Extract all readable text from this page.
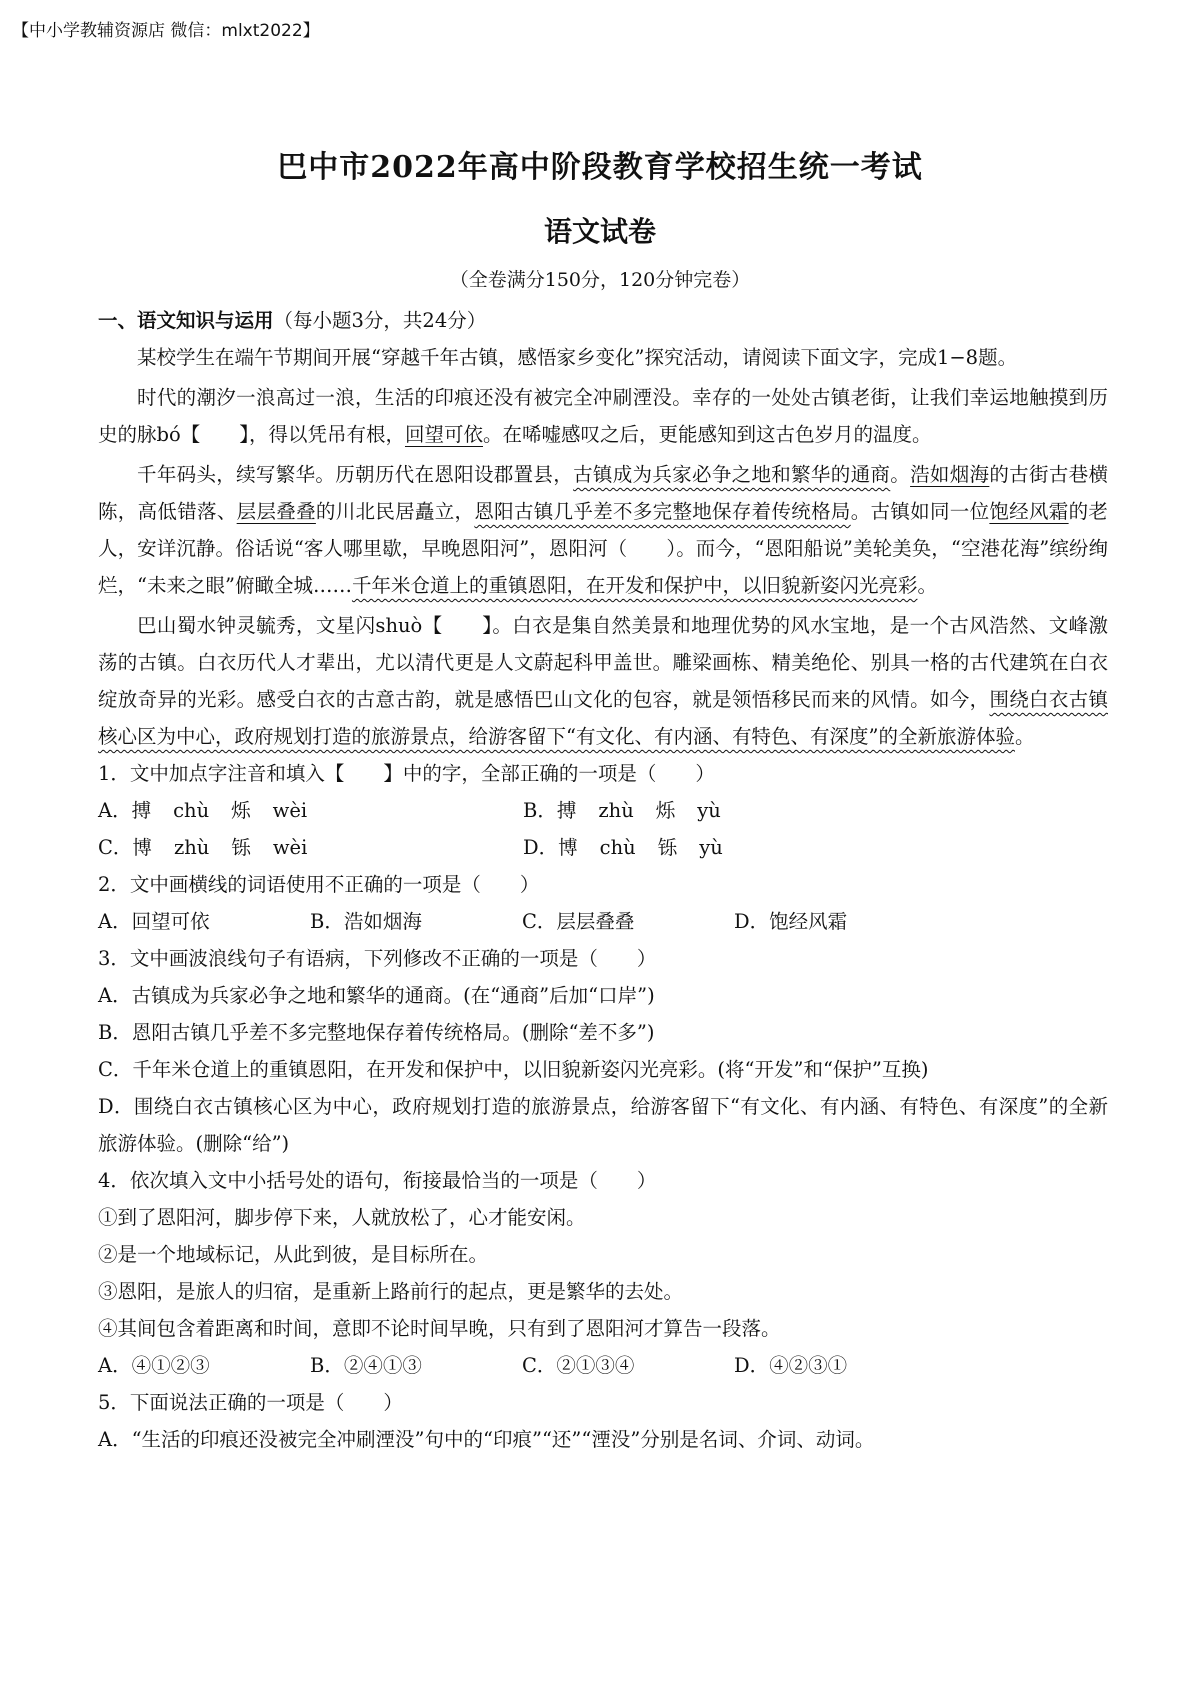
【中小学教辅资源店 微信：mlxt2022】
巴中市2022年高中阶段教育学校招生统一考试
语文试卷
（全卷满分150分，120分钟完卷）
一、语文知识与运用（每小题3分，共24分）

某校学生在端午节期间开展“穿越千年古镇，感悟家乡变化”探究活动，请阅读下面文字，完成1−8题。

时代的潮汐一浪高过一浪，生活的印痕还没有被完全冲刷湮没。幸存的一处处古镇老街，让我们幸运地触摸到历史的脉bó【　　】，得以凭吊有根，回望可依。在唏嘘感叹之后，更能感知到这古色岁月的温度。

千年码头，续写繁华。历朝历代在恩阳设郡置县，古镇成为兵家必争之地和繁华的通商。浩如烟海的古街古巷横陈，高低错落、层层叠叠的川北民居矗立，恩阳古镇几乎差不多完整地保存着传统格局。古镇如同一位饱经风霜的老人，安详沉静。俗话说“客人哪里歇，早晚恩阳河”，恩阳河（　　）。而今，“恩阳船说”美轮美奂，“空港花海”缤纷绚烂，“未来之眼”俯瞰全城……千年米仓道上的重镇恩阳，在开发和保护中，以旧貌新姿闪光亮彩。

巴山蜀水钟灵毓秀，文星闪shuò【　　】。白衣是集自然美景和地理优势的风水宝地，是一个古风浩然、文峰激荡的古镇。白衣历代人才辈出，尤以清代更是人文蔚起科甲盖世。雕梁画栋、精美绝伦、别具一格的古代建筑在白衣绽放奇异的光彩。感受白衣的古意古韵，就是感悟巴山文化的包容，就是领悟移民而来的风情。如今，围绕白衣古镇核心区为中心，政府规划打造的旅游景点，给游客留下“有文化、有内涵、有特色、有深度”的全新旅游体验。

1．文中加点字注音和填入【　　】中的字，全部正确的一项是（　　）

A．搏 chù 烁 wèi	B．搏 zhù 烁 yù
C．博 zhù 铄 wèi	D．博 chù 铄 yù

2．文中画横线的词语使用不正确的一项是（　　）

A．回望可依	B．浩如烟海	C．层层叠叠	D．饱经风霜

3．文中画波浪线句子有语病，下列修改不正确的一项是（　　）

A．古镇成为兵家必争之地和繁华的通商。(在“通商”后加“口岸”)

B．恩阳古镇几乎差不多完整地保存着传统格局。(删除“差不多”)

C．千年米仓道上的重镇恩阳，在开发和保护中，以旧貌新姿闪光亮彩。(将“开发”和“保护”互换)

D．围绕白衣古镇核心区为中心，政府规划打造的旅游景点，给游客留下“有文化、有内涵、有特色、有深度”的全新旅游体验。(删除“给”)

4．依次填入文中小括号处的语句，衔接最恰当的一项是（　　）

①到了恩阳河，脚步停下来，人就放松了，心才能安闲。

②是一个地域标记，从此到彼，是目标所在。

③恩阳，是旅人的归宿，是重新上路前行的起点，更是繁华的去处。

④其间包含着距离和时间，意即不论时间早晚，只有到了恩阳河才算告一段落。

A．④①②③	B．②④①③	C．②①③④	D．④②③①

5．下面说法正确的一项是（　　）

A．“生活的印痕还没被完全冲刷湮没”句中的“印痕”“还”“湮没”分别是名词、介词、动词。
